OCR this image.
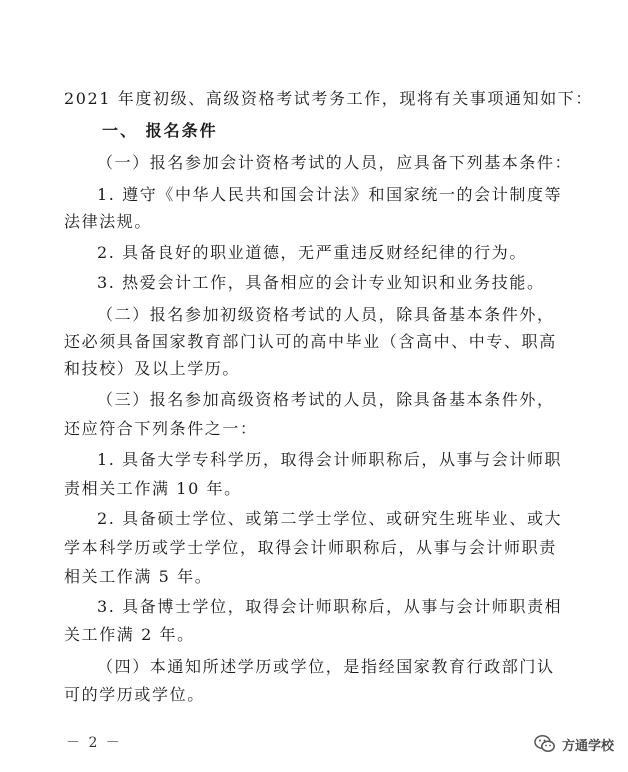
2021 年度初级、高级资格考试考务工作，现将有关事项通知如下：
一、 报名条件
（一）报名参加会计资格考试的人员，应具备下列基本条件：
1. 遵守《中华人民共和国会计法》和国家统一的会计制度等
法律法规。
2. 具备良好的职业道德，无严重违反财经纪律的行为。
3. 热爱会计工作，具备相应的会计专业知识和业务技能。
（二）报名参加初级资格考试的人员，除具备基本条件外，
还必须具备国家教育部门认可的高中毕业（含高中、中专、职高
和技校）及以上学历。
（三）报名参加高级资格考试的人员，除具备基本条件外，
还应符合下列条件之一：
1. 具备大学专科学历，取得会计师职称后，从事与会计师职
责相关工作满 10 年。
2. 具备硕士学位、或第二学士学位、或研究生班毕业、或大
学本科学历或学士学位，取得会计师职称后，从事与会计师职责
相关工作满 5 年。
3. 具备博士学位，取得会计师职称后，从事与会计师职责相
关工作满 2 年。
（四）本通知所述学历或学位，是指经国家教育行政部门认
可的学历或学位。
－ 2 －	方通学校
